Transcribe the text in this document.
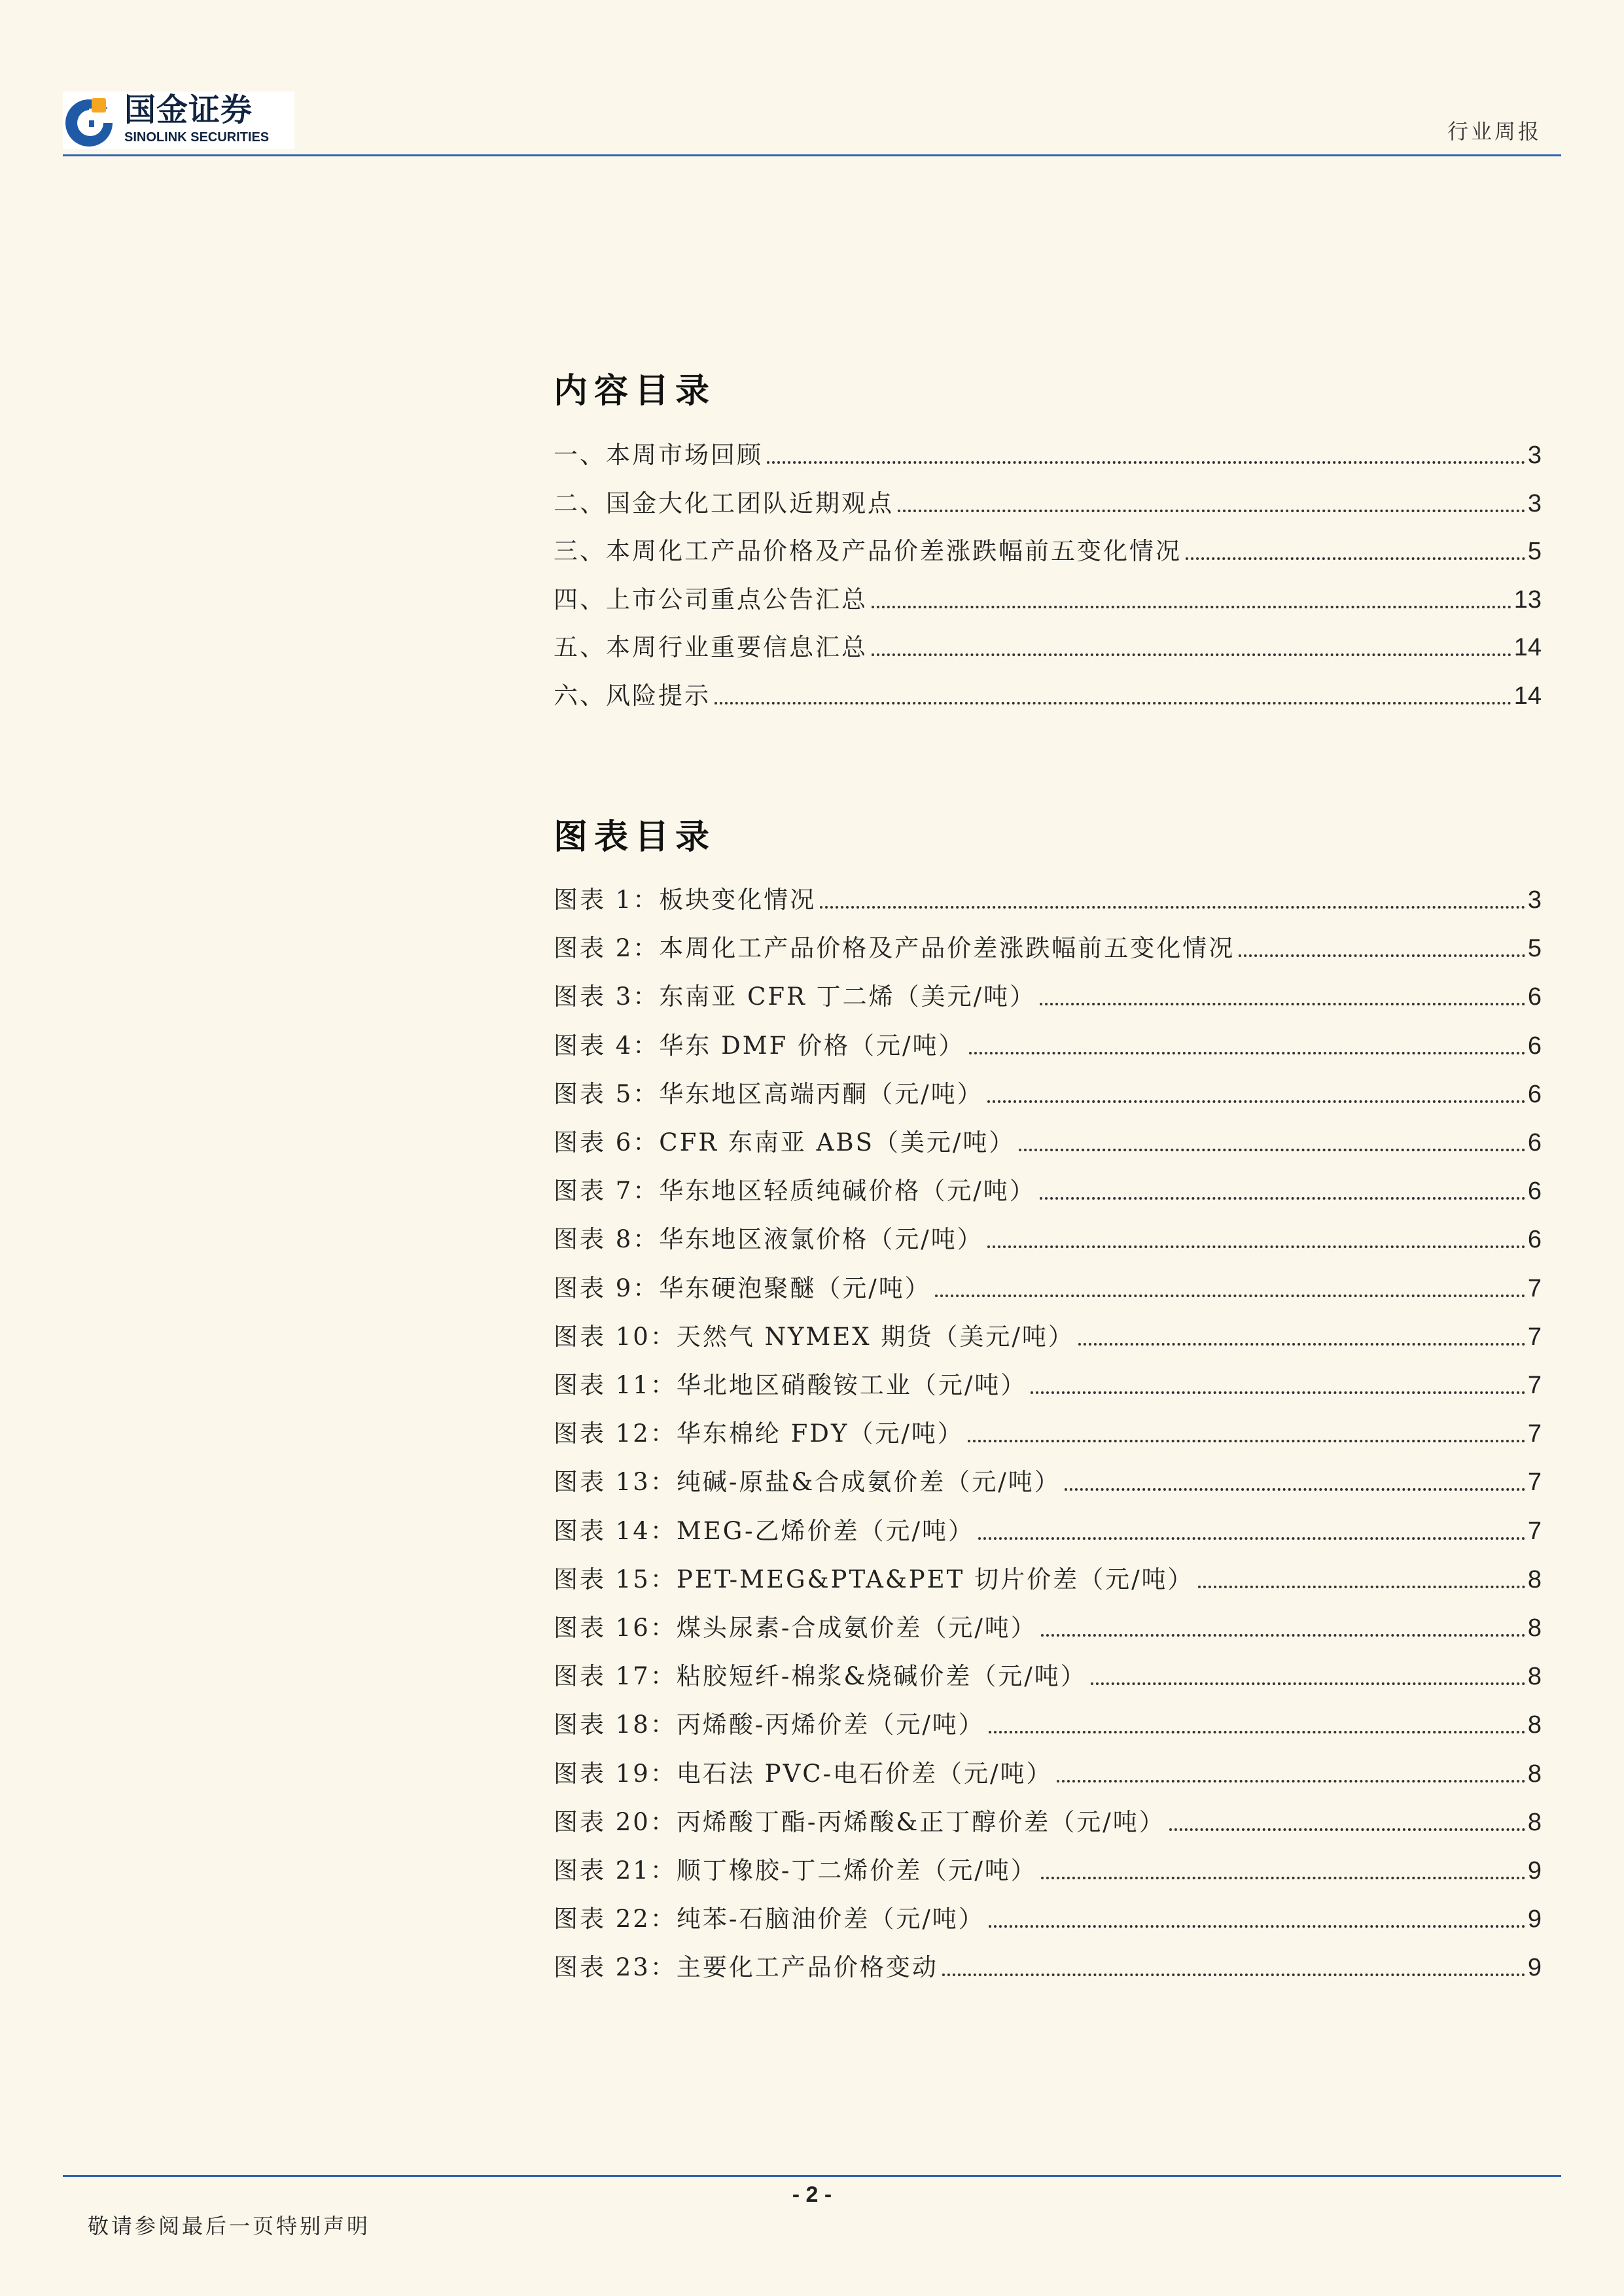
国金证券
SINOLINK SECURITIES	行业周报
内容目录
一、本周市场回顾	3
二、国金大化工团队近期观点	3
三、本周化工产品价格及产品价差涨跌幅前五变化情况	5
四、上市公司重点公告汇总	13
五、本周行业重要信息汇总	14
六、风险提示	14
图表目录
图表 1：板块变化情况	3
图表 2：本周化工产品价格及产品价差涨跌幅前五变化情况	5
图表 3：东南亚 CFR 丁二烯（美元/吨）	6
图表 4：华东 DMF 价格（元/吨）	6
图表 5：华东地区高端丙酮（元/吨）	6
图表 6：CFR 东南亚 ABS（美元/吨）	6
图表 7：华东地区轻质纯碱价格（元/吨）	6
图表 8：华东地区液氯价格（元/吨）	6
图表 9：华东硬泡聚醚（元/吨）	7
图表 10：天然气 NYMEX 期货（美元/吨）	7
图表 11：华北地区硝酸铵工业（元/吨）	7
图表 12：华东棉纶 FDY（元/吨）	7
图表 13：纯碱-原盐&合成氨价差（元/吨）	7
图表 14：MEG-乙烯价差（元/吨）	7
图表 15：PET-MEG&PTA&PET 切片价差（元/吨）	8
图表 16：煤头尿素-合成氨价差（元/吨）	8
图表 17：粘胶短纤-棉浆&烧碱价差（元/吨）	8
图表 18：丙烯酸-丙烯价差（元/吨）	8
图表 19：电石法 PVC-电石价差（元/吨）	8
图表 20：丙烯酸丁酯-丙烯酸&正丁醇价差（元/吨）	8
图表 21：顺丁橡胶-丁二烯价差（元/吨）	9
图表 22：纯苯-石脑油价差（元/吨）	9
图表 23：主要化工产品价格变动	9
- 2 -
敬请参阅最后一页特别声明
